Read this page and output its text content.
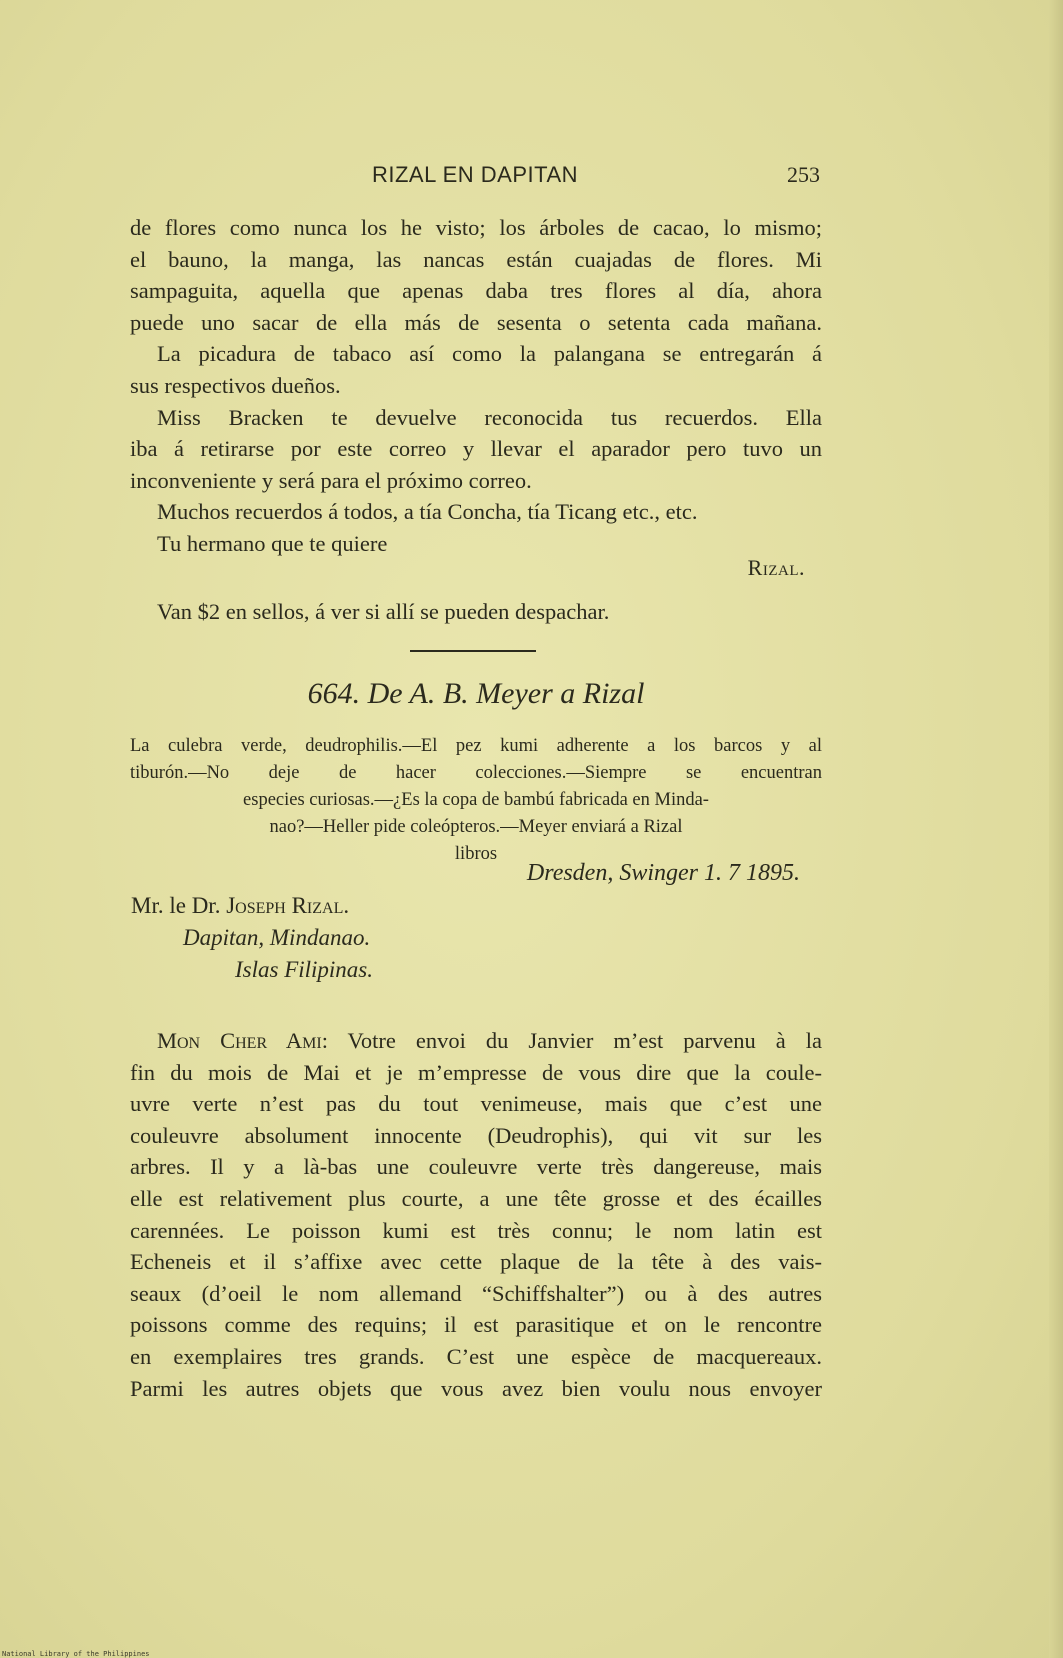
RIZAL EN DAPITAN	253
de flores como nunca los he visto; los árboles de cacao, lo mismo;
el bauno, la manga, las nancas están cuajadas de flores. Mi
sampaguita, aquella que apenas daba tres flores al día, ahora
puede uno sacar de ella más de sesenta o setenta cada mañana.
La picadura de tabaco así como la palangana se entregarán á
sus respectivos dueños.
Miss Bracken te devuelve reconocida tus recuerdos. Ella
iba á retirarse por este correo y llevar el aparador pero tuvo un
inconveniente y será para el próximo correo.
Muchos recuerdos á todos, a tía Concha, tía Ticang etc., etc.
Tu hermano que te quiere
Rizal.
Van $2 en sellos, á ver si allí se pueden despachar.
664. De A. B. Meyer a Rizal
La culebra verde, deudrophilis.—El pez kumi adherente a los barcos y al
tiburón.—No deje de hacer colecciones.—Siempre se encuentran
especies curiosas.—¿Es la copa de bambú fabricada en Minda-
nao?—Heller pide coleópteros.—Meyer enviará a Rizal
libros
Dresden, Swinger 1. 7 1895.
Mr. le Dr. Joseph Rizal.
Dapitan, Mindanao.
Islas Filipinas.
Mon Cher Ami: Votre envoi du Janvier m’est parvenu à la
fin du mois de Mai et je m’empresse de vous dire que la coule-
uvre verte n’est pas du tout venimeuse, mais que c’est une
couleuvre absolument innocente (Deudrophis), qui vit sur les
arbres. Il y a là-bas une couleuvre verte très dangereuse, mais
elle est relativement plus courte, a une tête grosse et des écailles
carennées. Le poisson kumi est très connu; le nom latin est
Echeneis et il s’affixe avec cette plaque de la tête à des vais-
seaux (d’oeil le nom allemand “Schiffshalter”) ou à des autres
poissons comme des requins; il est parasitique et on le rencontre
en exemplaires tres grands. C’est une espèce de macquereaux.
Parmi les autres objets que vous avez bien voulu nous envoyer
National Library of the Philippines
